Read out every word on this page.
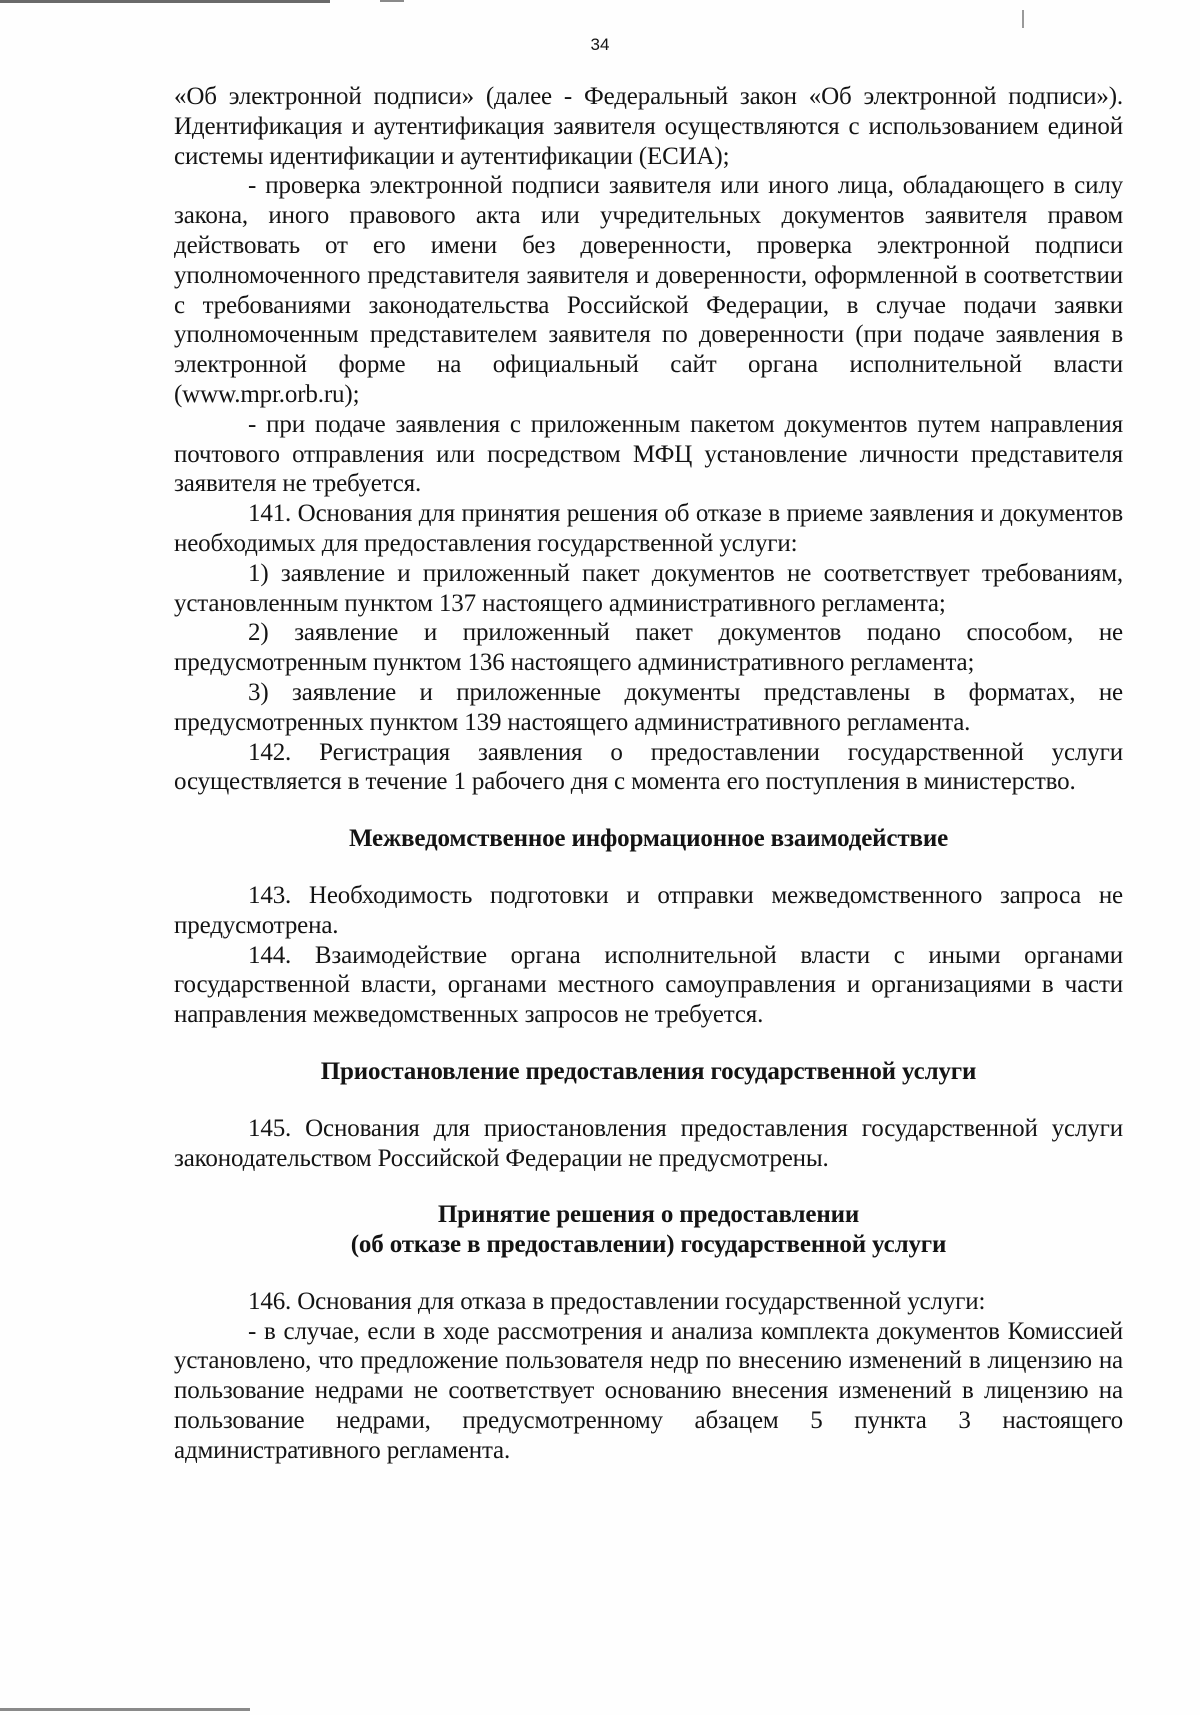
34

«Об электронной подписи» (далее - Федеральный закон «Об электронной подписи»). Идентификация и аутентификация заявителя осуществляются с использованием единой системы идентификации и аутентификации (ЕСИА);

- проверка электронной подписи заявителя или иного лица, обладающего в силу закона, иного правового акта или учредительных документов заявителя правом действовать от его имени без доверенности, проверка электронной подписи уполномоченного представителя заявителя и доверенности, оформленной в соответствии с требованиями законодательства Российской Федерации, в случае подачи заявки уполномоченным представителем заявителя по доверенности (при подаче заявления в электронной форме на официальный сайт органа исполнительной власти (www.mpr.orb.ru);

- при подаче заявления с приложенным пакетом документов путем направления почтового отправления или посредством МФЦ установление личности представителя заявителя не требуется.

141. Основания для принятия решения об отказе в приеме заявления и документов необходимых для предоставления государственной услуги:

1) заявление и приложенный пакет документов не соответствует требованиям, установленным пунктом 137 настоящего административного регламента;

2) заявление и приложенный пакет документов подано способом, не предусмотренным пунктом 136 настоящего административного регламента;

3) заявление и приложенные документы представлены в форматах, не предусмотренных пунктом 139 настоящего административного регламента.

142. Регистрация заявления о предоставлении государственной услуги осуществляется в течение 1 рабочего дня с момента его поступления в министерство.

Межведомственное информационное взаимодействие

143. Необходимость подготовки и отправки межведомственного запроса не предусмотрена.

144. Взаимодействие органа исполнительной власти с иными органами государственной власти, органами местного самоуправления и организациями в части направления межведомственных запросов не требуется.

Приостановление предоставления государственной услуги

145. Основания для приостановления предоставления государственной услуги законодательством Российской Федерации не предусмотрены.

Принятие решения о предоставлении
(об отказе в предоставлении) государственной услуги

146. Основания для отказа в предоставлении государственной услуги:

- в случае, если в ходе рассмотрения и анализа комплекта документов Комиссией установлено, что предложение пользователя недр по внесению изменений в лицензию на пользование недрами не соответствует основанию внесения изменений в лицензию на пользование недрами, предусмотренному абзацем 5 пункта 3 настоящего административного регламента.
